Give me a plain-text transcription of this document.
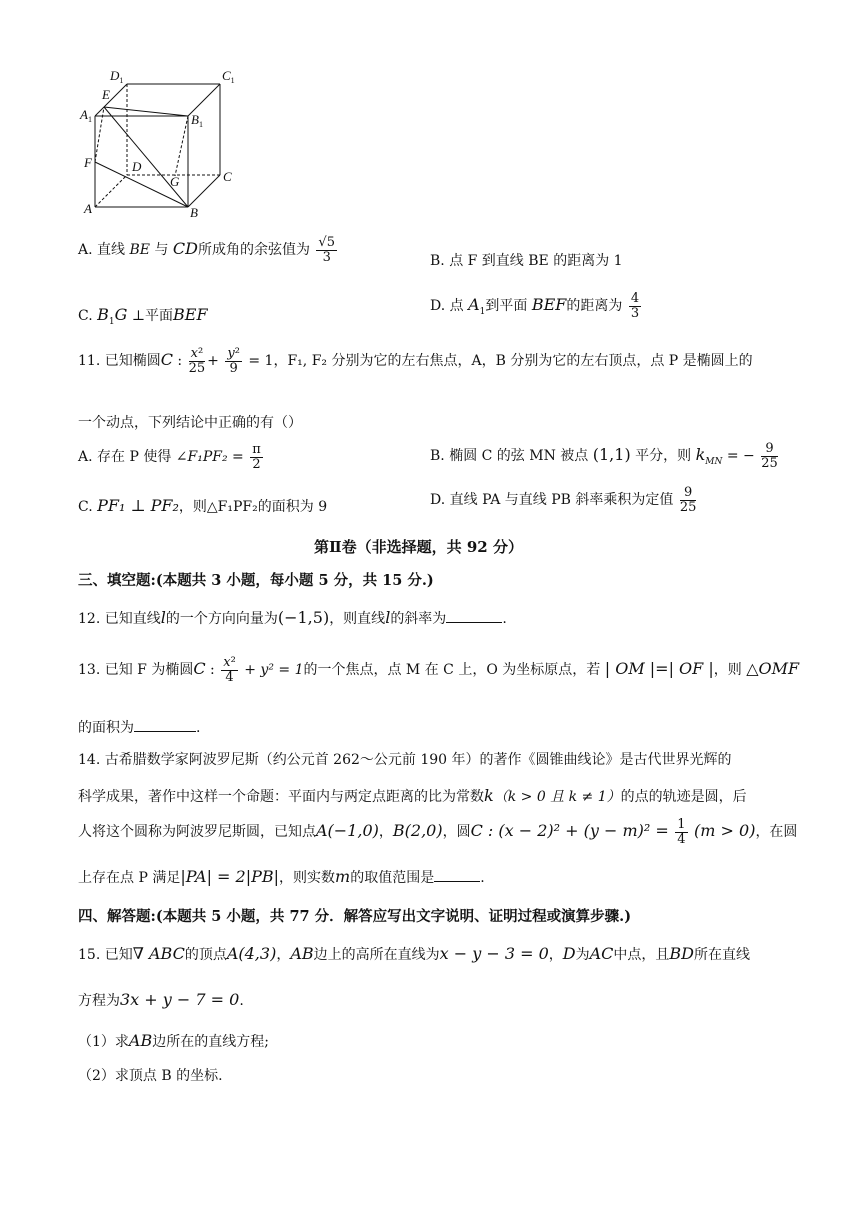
$D_1$	$C_1$
E
$A_1$	$B_1$
F	D
G	C
A	B
A. 直线 BE 与 CD所成角的余弦值为 $\frac{√5}{3}$	B. 点 F 到直线 BE 的距离为 1
C. $B_1G$ ⊥平面BEF	D. 点 $A_1$到平面 BEF的距离为 $\frac{4}{3}$
11. 已知椭圆C : $\frac{\text{x²}}{25} + \frac{\text{y²}}{9} = 1$，F₁, F₂ 分别为它的左右焦点，A，B 分别为它的左右顶点，点 P 是椭圆上的
一个动点，下列结论中正确的有（）
A. 存在 P 使得 ∠F₁PF₂ = $\frac{\pi}{2}$	B. 椭圆 C 的弦 MN 被点 (1,1) 平分，则 $k_{MN}$ = − $\frac{9}{25}$
C. PF₁ ⊥ PF₂，则△F₁PF₂的面积为 9	D. 直线 PA 与直线 PB 斜率乘积为定值 $\frac{9}{25}$
第Ⅱ卷（非选择题，共 92 分）
三、填空题:(本题共 3 小题，每小题 5 分，共 15 分.)
12. 已知直线l的一个方向向量为(−1,5)，则直线l的斜率为	.
13. 已知 F 为椭圆C : $\frac{\text{x²}}{4} + y^2 = 1$的一个焦点，点 M 在 C 上，O 为坐标原点，若 | OM |=| OF |，则 △OMF
的面积为	.
14. 古希腊数学家阿波罗尼斯（约公元首 262～公元前 190 年）的著作《圆锥曲线论》是古代世界光辉的
科学成果，著作中这样一个命题：平面内与两定点距离的比为常数k（k > 0 且 k ≠ 1）的点的轨迹是圆，后
人将这个圆称为阿波罗尼斯圆，已知点A(−1,0)，B(2,0)，圆C : $(x - 2)^2 + (y - m)^2 = \frac{1}{4} (m > 0)$，在圆
上存在点 P 满足|PA| = 2|PB|，则实数m的取值范围是	.
四、解答题:(本题共 5 小题，共 77 分．解答应写出文字说明、证明过程或演算步骤.)
15. 已知∇ ABC的顶点A(4,3)，AB边上的高所在直线为x − y − 3 = 0，D为AC中点，且BD所在直线
方程为3x + y − 7 = 0.
（1）求AB边所在的直线方程;
（2）求顶点 B 的坐标.
